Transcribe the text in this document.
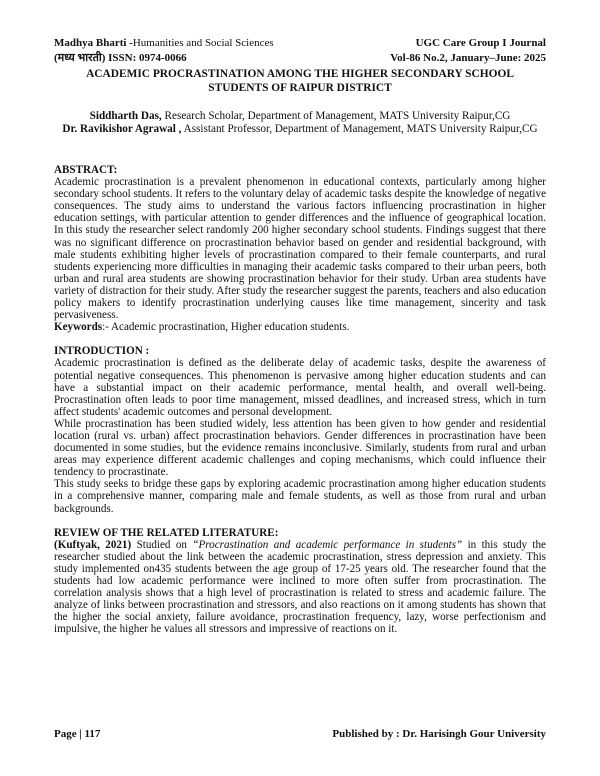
Madhya Bharti -Humanities and Social Sciences	UGC Care Group I Journal
(मध्य भारती) ISSN: 0974-0066	Vol-86 No.2, January–June: 2025
ACADEMIC PROCRASTINATION AMONG THE HIGHER SECONDARY SCHOOL
STUDENTS OF RAIPUR DISTRICT
Siddharth Das, Research Scholar, Department of Management, MATS University Raipur,CG
Dr. Ravikishor Agrawal , Assistant Professor, Department of Management, MATS University Raipur,CG

ABSTRACT:

Academic procrastination is a prevalent phenomenon in educational contexts, particularly among higher secondary school students. It refers to the voluntary delay of academic tasks despite the knowledge of negative consequences. The study aims to understand the various factors influencing procrastination in higher education settings, with particular attention to gender differences and the influence of geographical location. In this study the researcher select randomly 200 higher secondary school students. Findings suggest that there was no significant difference on procrastination behavior based on gender and residential background, with male students exhibiting higher levels of procrastination compared to their female counterparts, and rural students experiencing more difficulties in managing their academic tasks compared to their urban peers, both urban and rural area students are showing procrastination behavior for their study. Urban area students have variety of distraction for their study. After study the researcher suggest the parents, teachers and also education policy makers to identify procrastination underlying causes like time management, sincerity and task pervasiveness.

Keywords:- Academic procrastination, Higher education students.

INTRODUCTION :

Academic procrastination is defined as the deliberate delay of academic tasks, despite the awareness of potential negative consequences. This phenomenon is pervasive among higher education students and can have a substantial impact on their academic performance, mental health, and overall well-being. Procrastination often leads to poor time management, missed deadlines, and increased stress, which in turn affect students' academic outcomes and personal development.

While procrastination has been studied widely, less attention has been given to how gender and residential location (rural vs. urban) affect procrastination behaviors. Gender differences in procrastination have been documented in some studies, but the evidence remains inconclusive. Similarly, students from rural and urban areas may experience different academic challenges and coping mechanisms, which could influence their tendency to procrastinate.

This study seeks to bridge these gaps by exploring academic procrastination among higher education students in a comprehensive manner, comparing male and female students, as well as those from rural and urban backgrounds.

REVIEW OF THE RELATED LITERATURE:

(Kuftyak, 2021) Studied on “Procrastination and academic performance in students” in this study the researcher studied about the link between the academic procrastination, stress depression and anxiety. This study implemented on435 students between the age group of 17-25 years old. The researcher found that the students had low academic performance were inclined to more often suffer from procrastination. The correlation analysis shows that a high level of procrastination is related to stress and academic failure. The analyze of links between procrastination and stressors, and also reactions on it among students has shown that the higher the social anxiety, failure avoidance, procrastination frequency, lazy, worse perfectionism and impulsive, the higher he values all stressors and impressive of reactions on it.

Page | 117	Published by : Dr. Harisingh Gour University
